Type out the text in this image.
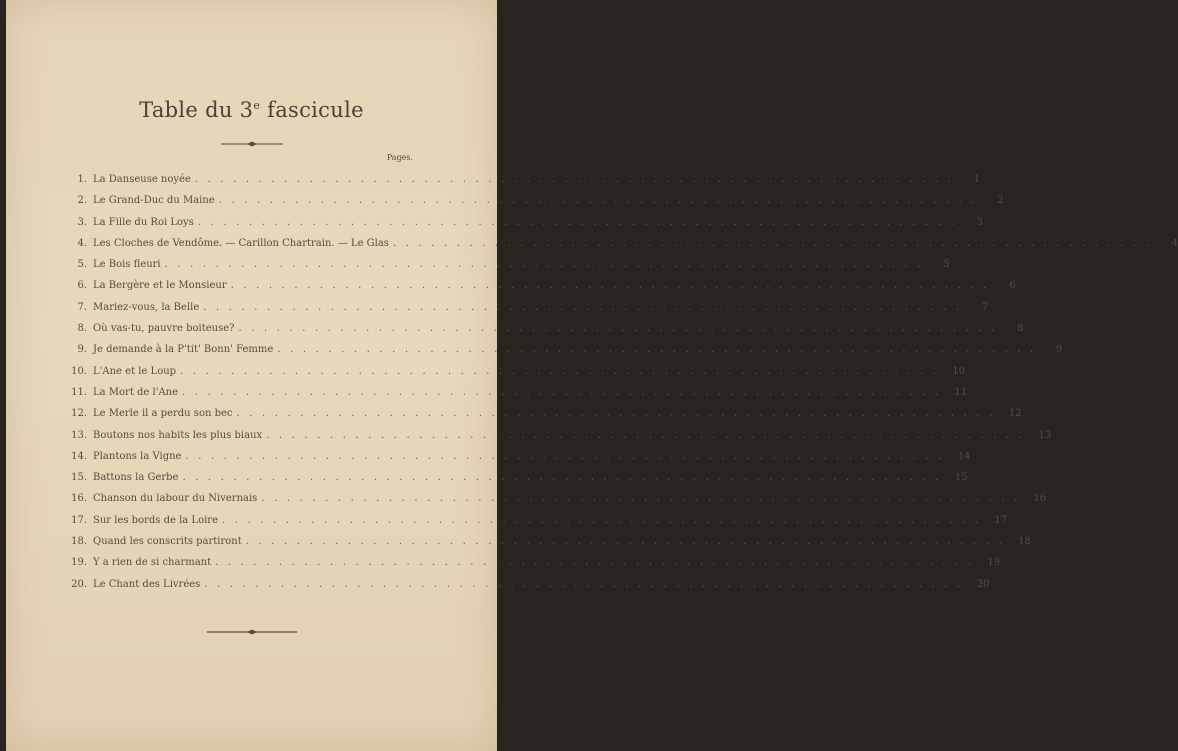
Table du 3e fascicule
Pages.
1. La Danseuse noyée . . . . . . . . . . . . . . . . . . . . . . . . . . . . . . . . . . . . . . . . . . . . . . . . . . . . . . . . . . . .	1
2. Le Grand-Duc du Maine . . . . . . . . . . . . . . . . . . . . . . . . . . . . . . . . . . . . . . . . . . . . . . . . . . . . . . . . . . . .	2
3. La Fille du Roi Loys . . . . . . . . . . . . . . . . . . . . . . . . . . . . . . . . . . . . . . . . . . . . . . . . . . . . . . . . . . . .	3
4. Les Cloches de Vendôme. — Carillon Chartrain. — Le Glas . . . . . . . . . . . . . . . . . . . . . . . . . . . . . . . . . . . . . . . . . . . . . . . . . . . . . . . . . . . .	4
5. Le Bois fleuri . . . . . . . . . . . . . . . . . . . . . . . . . . . . . . . . . . . . . . . . . . . . . . . . . . . . . . . . . . . .	5
6. La Bergère et le Monsieur . . . . . . . . . . . . . . . . . . . . . . . . . . . . . . . . . . . . . . . . . . . . . . . . . . . . . . . . . . . .	6
7. Mariez-vous, la Belle . . . . . . . . . . . . . . . . . . . . . . . . . . . . . . . . . . . . . . . . . . . . . . . . . . . . . . . . . . . .	7
8. Où vas-tu, pauvre boiteuse? . . . . . . . . . . . . . . . . . . . . . . . . . . . . . . . . . . . . . . . . . . . . . . . . . . . . . . . . . . . .	8
9. Je demande à la P'tit' Bonn' Femme . . . . . . . . . . . . . . . . . . . . . . . . . . . . . . . . . . . . . . . . . . . . . . . . . . . . . . . . . . . .	9
10. L'Ane et le Loup . . . . . . . . . . . . . . . . . . . . . . . . . . . . . . . . . . . . . . . . . . . . . . . . . . . . . . . . . . . .	10
11. La Mort de l'Ane . . . . . . . . . . . . . . . . . . . . . . . . . . . . . . . . . . . . . . . . . . . . . . . . . . . . . . . . . . . .	11
12. Le Merle il a perdu son bec . . . . . . . . . . . . . . . . . . . . . . . . . . . . . . . . . . . . . . . . . . . . . . . . . . . . . . . . . . . .	12
13. Boutons nos habits les plus biaux . . . . . . . . . . . . . . . . . . . . . . . . . . . . . . . . . . . . . . . . . . . . . . . . . . . . . . . . . . . .	13
14. Plantons la Vigne . . . . . . . . . . . . . . . . . . . . . . . . . . . . . . . . . . . . . . . . . . . . . . . . . . . . . . . . . . . .	14
15. Battons la Gerbe . . . . . . . . . . . . . . . . . . . . . . . . . . . . . . . . . . . . . . . . . . . . . . . . . . . . . . . . . . . .	15
16. Chanson du labour du Nivernais . . . . . . . . . . . . . . . . . . . . . . . . . . . . . . . . . . . . . . . . . . . . . . . . . . . . . . . . . . . .	16
17. Sur les bords de la Loire . . . . . . . . . . . . . . . . . . . . . . . . . . . . . . . . . . . . . . . . . . . . . . . . . . . . . . . . . . . .	17
18. Quand les conscrits partiront . . . . . . . . . . . . . . . . . . . . . . . . . . . . . . . . . . . . . . . . . . . . . . . . . . . . . . . . . . . .	18
19. Y a rien de si charmant . . . . . . . . . . . . . . . . . . . . . . . . . . . . . . . . . . . . . . . . . . . . . . . . . . . . . . . . . . . .	19
20. Le Chant des Livrées . . . . . . . . . . . . . . . . . . . . . . . . . . . . . . . . . . . . . . . . . . . . . . . . . . . . . . . . . . . .	20
